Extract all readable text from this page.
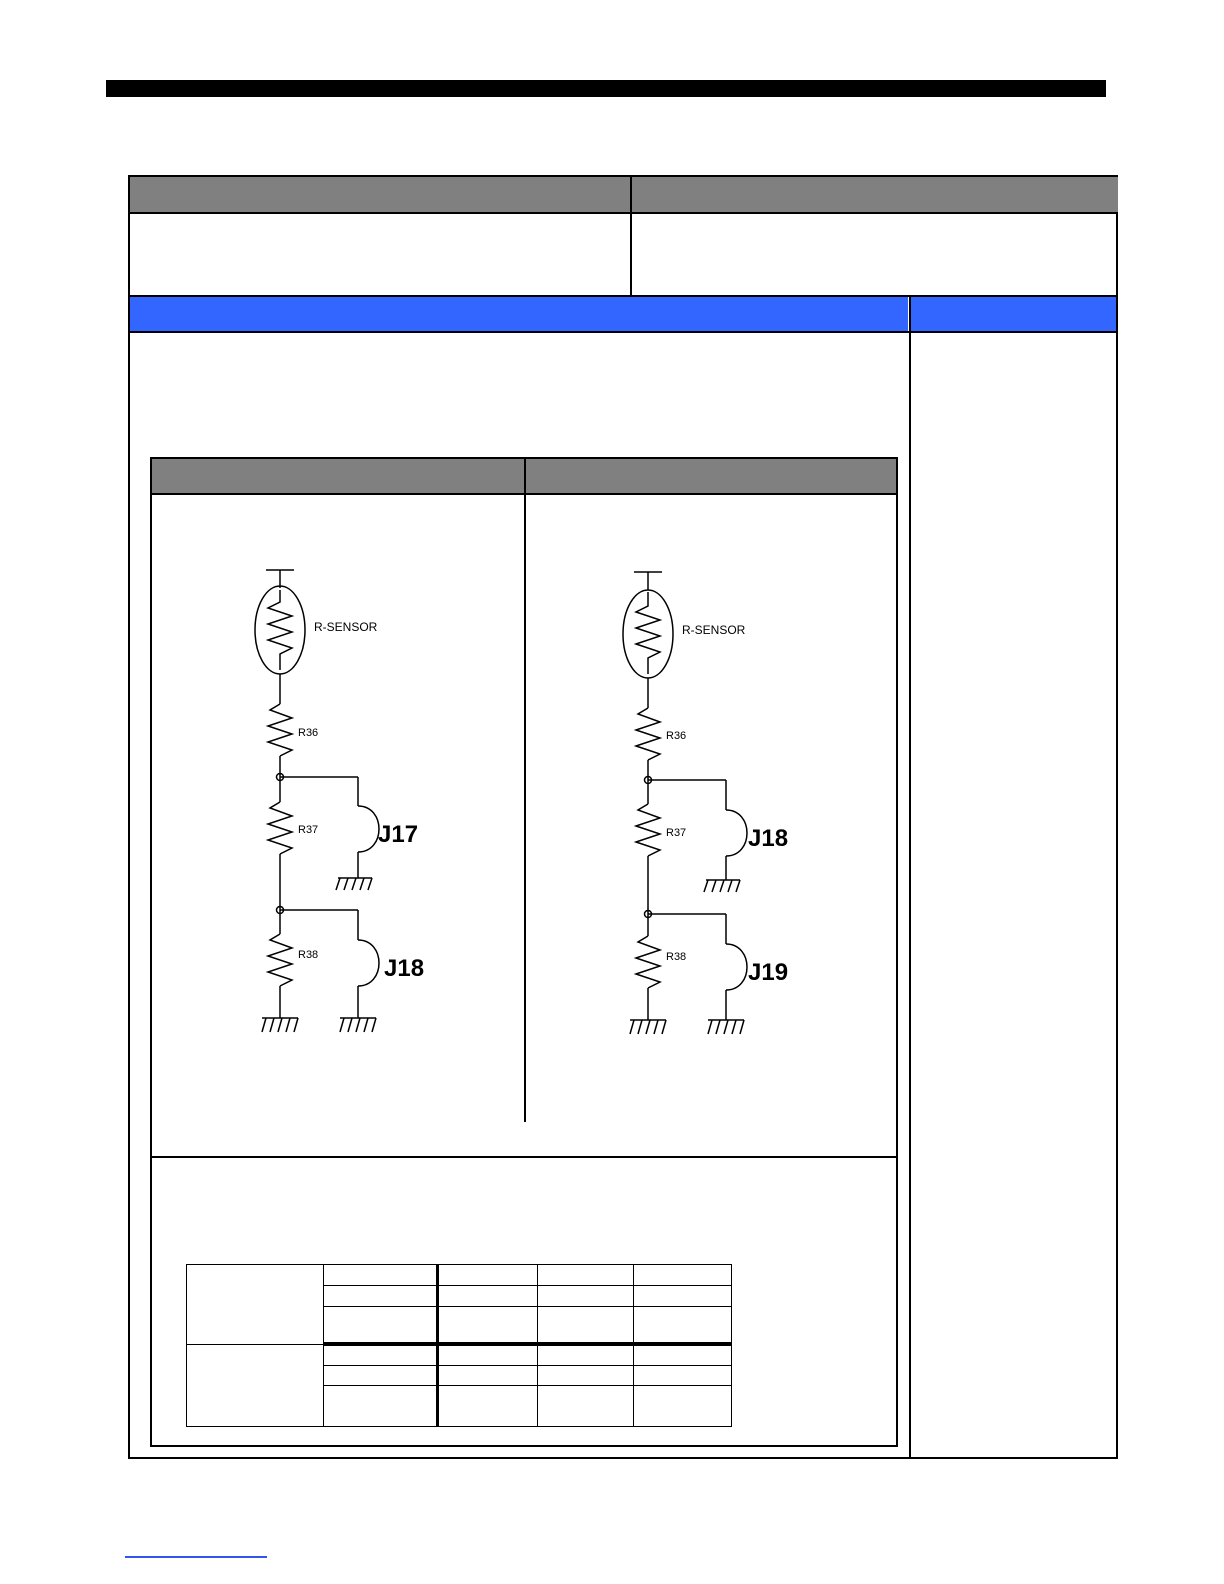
R-SENSOR
R36
R37
R38
J17
J18
R-SENSOR
R36
R37
R38
J18
J19
